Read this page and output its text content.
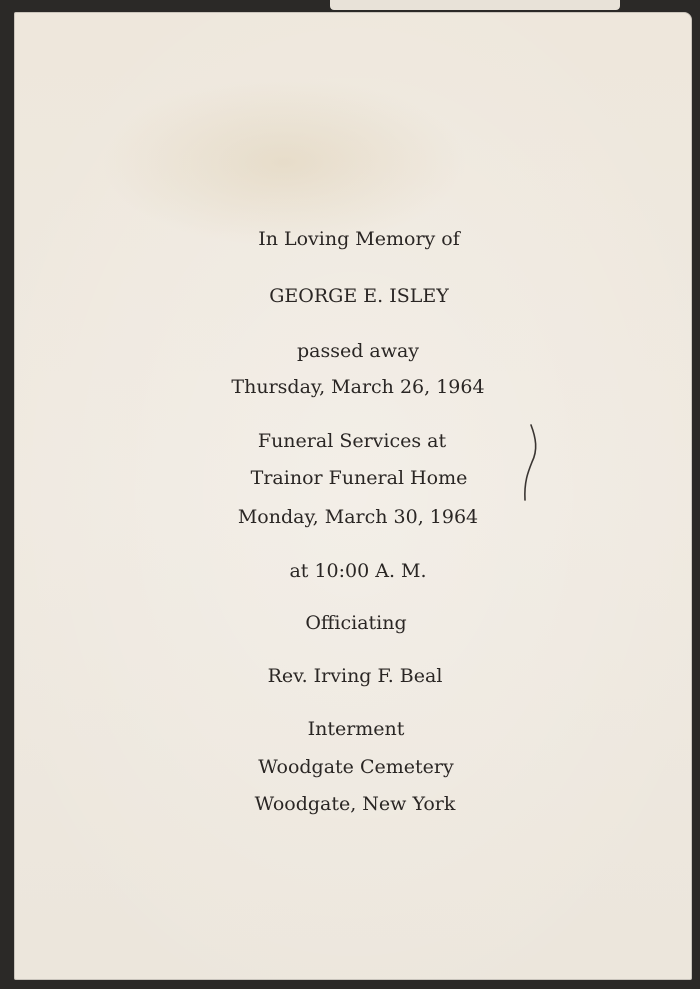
In Loving Memory of

GEORGE E. ISLEY

passed away

Thursday, March 26, 1964

Funeral Services at

Trainor Funeral Home

Monday, March 30, 1964

at 10:00 A. M.

Officiating

Rev. Irving F. Beal

Interment

Woodgate Cemetery

Woodgate, New York
